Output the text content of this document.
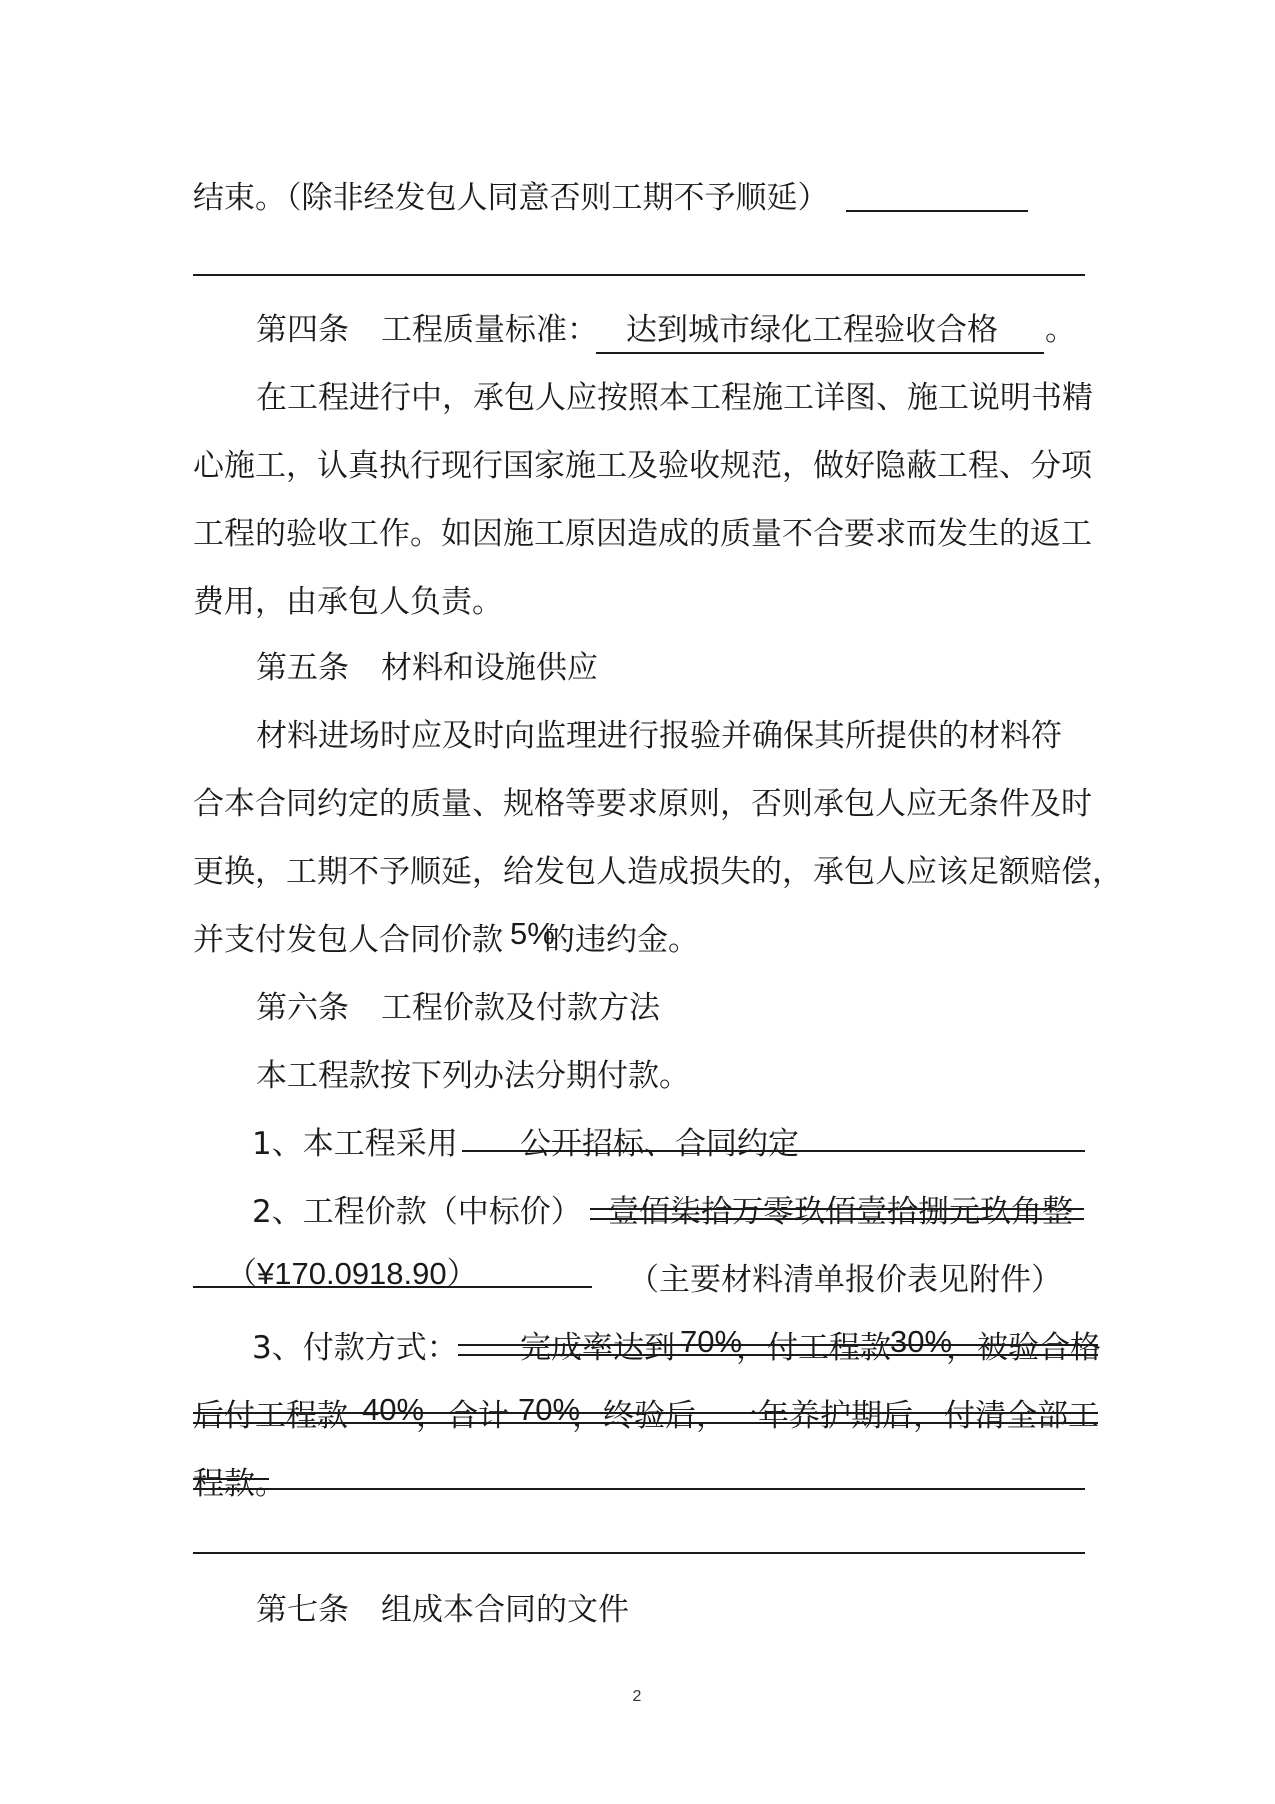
结束。（除非经发包人同意否则工期不予顺延）
第四条 工程质量标准： 达到城市绿化工程验收合格	。
在工程进行中，承包人应按照本工程施工详图、施工说明书精
心施工，认真执行现行国家施工及验收规范，做好隐蔽工程、分项
工程的验收工作。如因施工原因造成的质量不合要求而发生的返工
费用，由承包人负责。
第五条 材料和设施供应
材料进场时应及时向监理进行报验并确保其所提供的材料符
合本合同约定的质量、规格等要求原则，否则承包人应无条件及时
更换，工期不予顺延，给发包人造成损失的，承包人应该足额赔偿，
并支付发包人合同价款 5%
的违约金。
第六条 工程价款及付款方法
本工程款按下列办法分期付款。
1、本工程采用 公开招标、合同约定
2、工程价款（中标价） 壹佰柒拾万零玖佰壹拾捌元玖角整
（¥170.0918.90）	（主要材料清单报价表见附件）
3、付款方式： 完成率达到 70%
，付工程款 30%
，被验合格
后付工程款 40%
，合计 70%
，终验后，一年养护期后，付清全部工
程款。
第七条 组成本合同的文件
2
